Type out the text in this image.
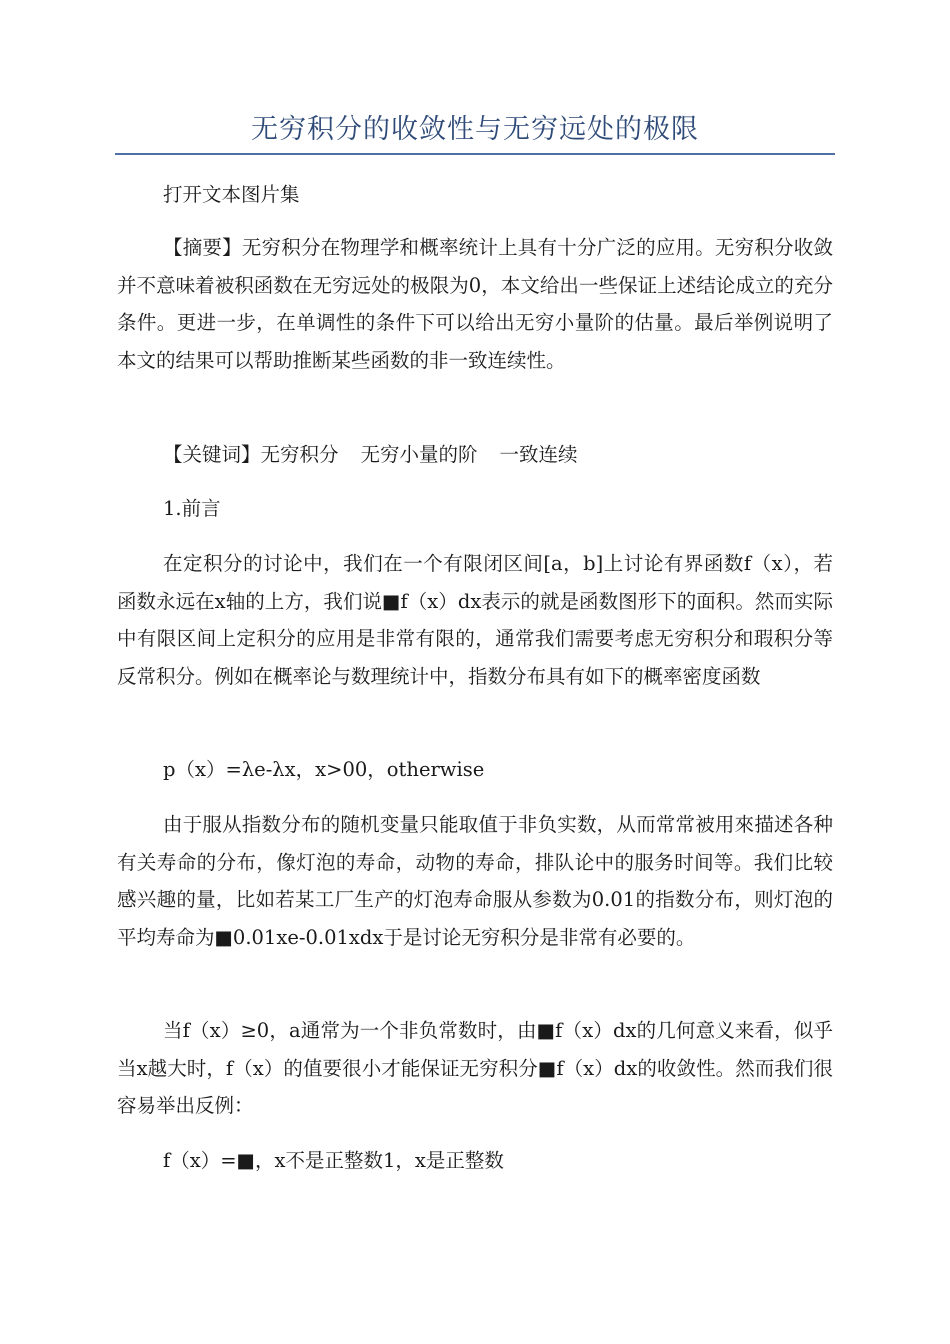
无穷积分的收敛性与无穷远处的极限

打开文本图片集

【摘要】无穷积分在物理学和概率统计上具有十分广泛的应用。无穷积分收敛并不意味着被积函数在无穷远处的极限为0，本文给出一些保证上述结论成立的充分条件。更进一步，在单调性的条件下可以给出无穷小量阶的估量。最后举例说明了本文的结果可以帮助推断某些函数的非一致连续性。

【关键词】无穷积分 无穷小量的阶 一致连续

1.前言

在定积分的讨论中，我们在一个有限闭区间[a，b]上讨论有界函数f（x），若函数永远在x轴的上方，我们说■f（x）dx表示的就是函数图形下的面积。然而实际中有限区间上定积分的应用是非常有限的，通常我们需要考虑无穷积分和瑕积分等反常积分。例如在概率论与数理统计中，指数分布具有如下的概率密度函数

p（x）=λe-λx，x>00，otherwise

由于服从指数分布的随机变量只能取值于非负实数，从而常常被用來描述各种有关寿命的分布，像灯泡的寿命，动物的寿命，排队论中的服务时间等。我们比较感兴趣的量，比如若某工厂生产的灯泡寿命服从参数为0.01的指数分布，则灯泡的平均寿命为■0.01xe-0.01xdx于是讨论无穷积分是非常有必要的。

当f（x）≥0，a通常为一个非负常数时，由■f（x）dx的几何意义来看，似乎当x越大时，f（x）的值要很小才能保证无穷积分■f（x）dx的收敛性。然而我们很容易举出反例：

f（x）=■，x不是正整数1，x是正整数
